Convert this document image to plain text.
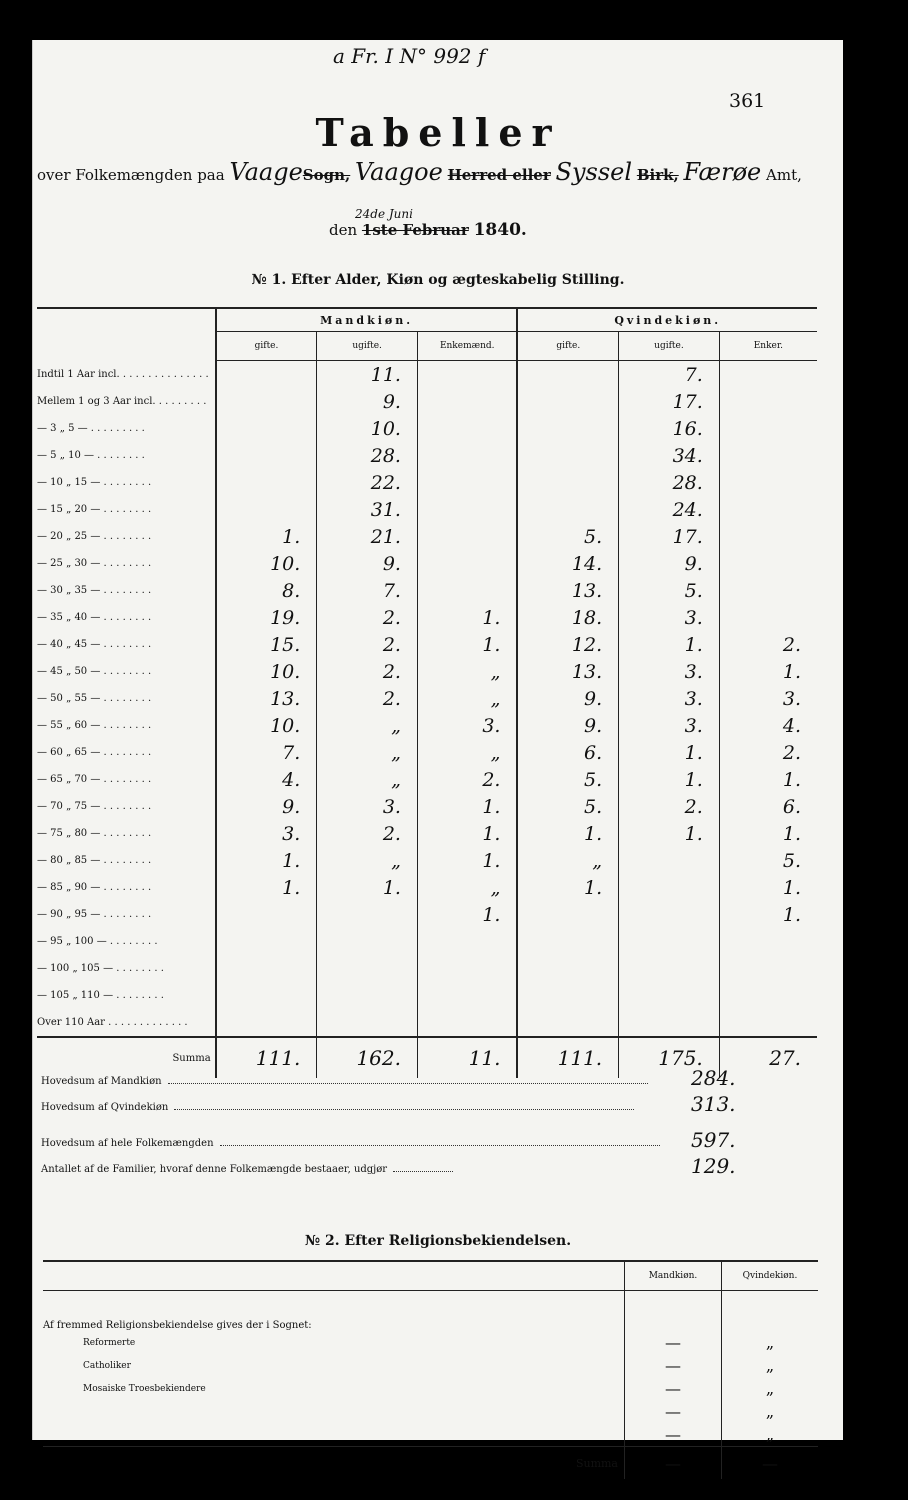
a Fr. I N° 992 f
361
Tabeller
over Folkemængden paa VaageSogn, Vaagoe Herred eller Syssel Birk, Færøe Amt,
den
24de Juni
1ste Februar 1840.
№ 1. Efter Alder, Kiøn og ægteskabelig Stilling.
	Mandkiøn.			Qvindekiøn.		
	gifte.	ugifte.	Enkemænd.	gifte.	ugifte.	Enker.
Indtil 1 Aar incl. . . . . . . . . . . . . . .		11.			7.	
Mellem 1 og 3 Aar incl. . . . . . . . .		9.			17.	
— 3 „ 5 — . . . . . . . . .		10.			16.	
— 5 „ 10 — . . . . . . . .		28.			34.	
— 10 „ 15 — . . . . . . . .		22.			28.	
— 15 „ 20 — . . . . . . . .		31.			24.	
— 20 „ 25 — . . . . . . . .	1.	21.		5.	17.	
— 25 „ 30 — . . . . . . . .	10.	9.		14.	9.	
— 30 „ 35 — . . . . . . . .	8.	7.		13.	5.	
— 35 „ 40 — . . . . . . . .	19.	2.	1.	18.	3.	
— 40 „ 45 — . . . . . . . .	15.	2.	1.	12.	1.	2.
— 45 „ 50 — . . . . . . . .	10.	2.	„	13.	3.	1.
— 50 „ 55 — . . . . . . . .	13.	2.	„	9.	3.	3.
— 55 „ 60 — . . . . . . . .	10.	„	3.	9.	3.	4.
— 60 „ 65 — . . . . . . . .	7.	„	„	6.	1.	2.
— 65 „ 70 — . . . . . . . .	4.	„	2.	5.	1.	1.
— 70 „ 75 — . . . . . . . .	9.	3.	1.	5.	2.	6.
— 75 „ 80 — . . . . . . . .	3.	2.	1.	1.	1.	1.
— 80 „ 85 — . . . . . . . .	1.	„	1.	„		5.
— 85 „ 90 — . . . . . . . .	1.	1.	„	1.		1.
— 90 „ 95 — . . . . . . . .			1.			1.
— 95 „ 100 — . . . . . . . .						
— 100 „ 105 — . . . . . . . .						
— 105 „ 110 — . . . . . . . .						
Over 110 Aar . . . . . . . . . . . . .						
Summa	111.	162.	11.	111.	175.	27.
Hovedsum af Mandkiøn	284.
Hovedsum af Qvindekiøn	313.
Hovedsum af hele Folkemængden	597.
Antallet af de Familier, hvoraf denne Folkemængde bestaaer, udgjør	129.
№ 2. Efter Religionsbekiendelsen.
	Mandkiøn.	Qvindekiøn.
Af fremmed Religionsbekiendelse gives der i Sognet:		
Reformerte	—	„
Catholiker	—	„
Mosaiske Troesbekiendere	—	„
	—	„
	—	„
Summa	—	—
